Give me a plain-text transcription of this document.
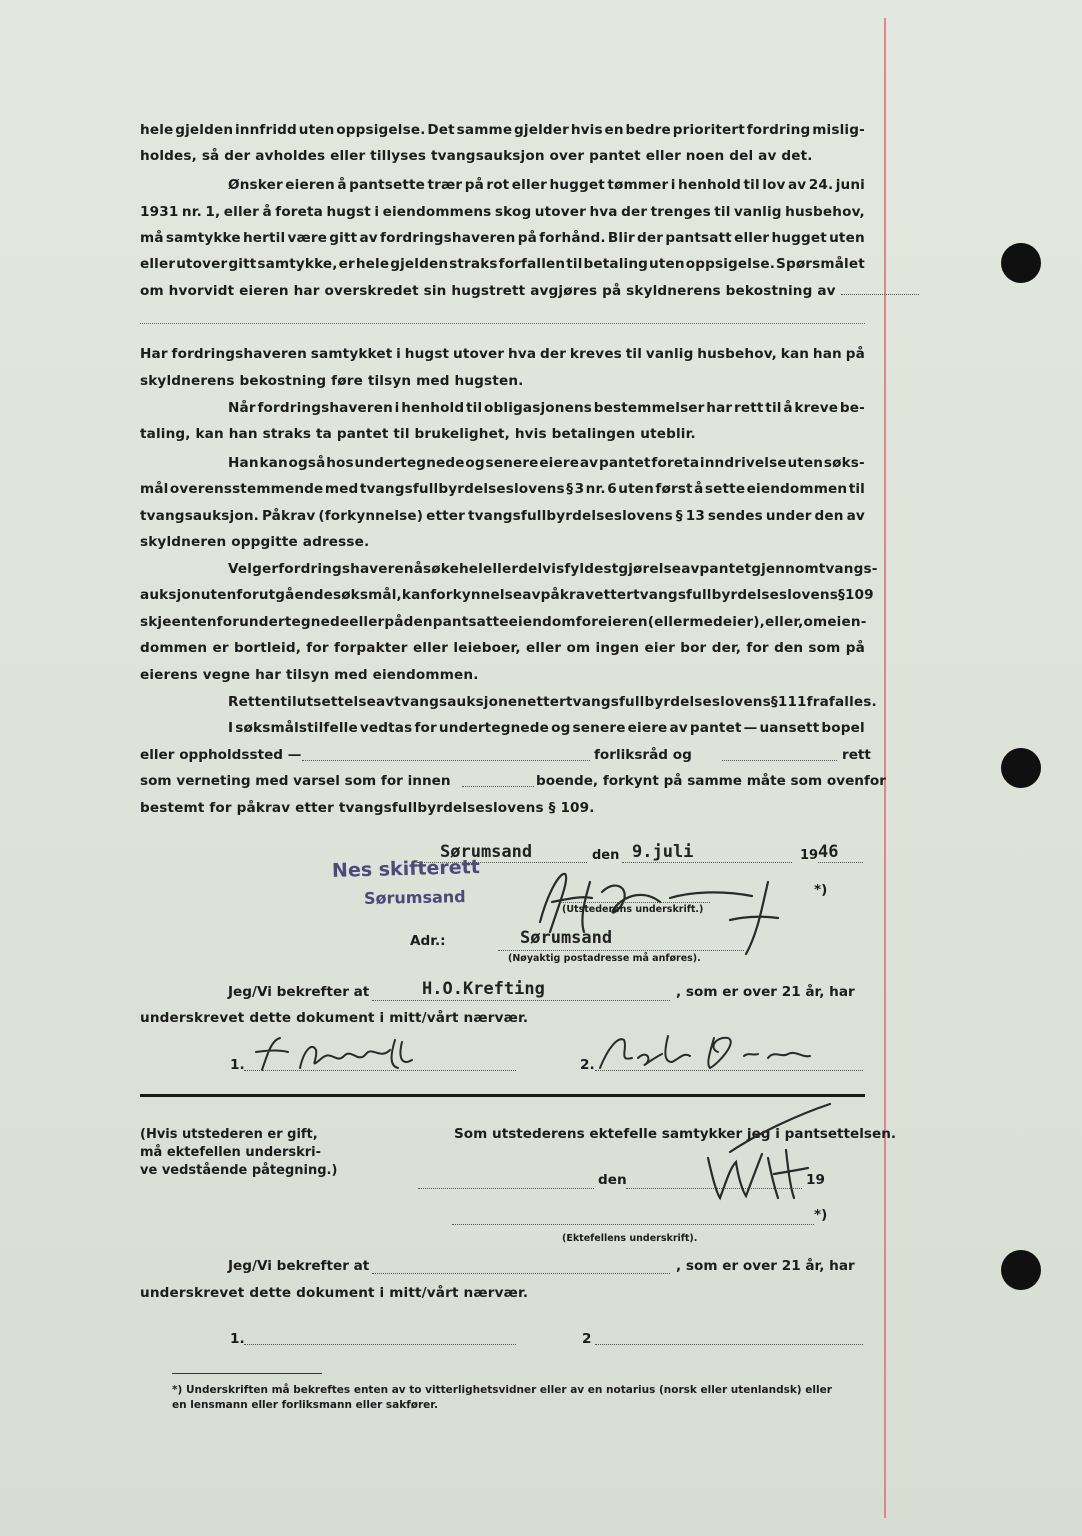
hele gjelden innfridd uten oppsigelse. Det samme gjelder hvis en bedre prioritert fordring mislig-
holdes, så der avholdes eller tillyses tvangsauksjon over pantet eller noen del av det.
Ønsker eieren å pantsette trær på rot eller hugget tømmer i henhold til lov av 24. juni
1931 nr. 1, eller å foreta hugst i eiendommens skog utover hva der trenges til vanlig husbehov,
må samtykke hertil være gitt av fordringshaveren på forhånd. Blir der pantsatt eller hugget uten
eller utover gitt samtykke, er hele gjelden straks forfallen til betaling uten oppsigelse. Spørsmålet
om hvorvidt eieren har overskredet sin hugstrett avgjøres på skyldnerens bekostning av
Har fordringshaveren samtykket i hugst utover hva der kreves til vanlig husbehov, kan han på
skyldnerens bekostning føre tilsyn med hugsten.
Når fordringshaveren i henhold til obligasjonens bestemmelser har rett til å kreve be-
taling, kan han straks ta pantet til brukelighet, hvis betalingen uteblir.
Han kan også hos undertegnede og senere eiere av pantet foreta inndrivelse uten søks-
mål overensstemmende med tvangsfullbyrdelseslovens § 3 nr. 6 uten først å sette eiendommen til
tvangsauksjon. Påkrav (forkynnelse) etter tvangsfullbyrdelseslovens § 13 sendes under den av
skyldneren oppgitte adresse.
Velger fordringshaveren å søke hel eller delvis fyldestgjørelse av pantet gjennom tvangs-
auksjon uten forutgående søksmål, kan forkynnelse av påkrav etter tvangsfullbyrdelseslovens § 109
skje enten for undertegnede eller på den pantsatte eiendom for eieren (eller medeier), eller, om eien-
dommen er bortleid, for forpakter eller leieboer, eller om ingen eier bor der, for den som på
eierens vegne har tilsyn med eiendommen.
Retten til utsettelse av tvangsauksjonen etter tvangsfullbyrdelseslovens § 111 frafalles.
I søksmålstilfelle vedtas for undertegnede og senere eiere av pantet — uansett bopel
eller oppholdssted —	forliksråd og	rett
som verneting med varsel som for innen	boende, forkynt på samme måte som ovenfor
bestemt for påkrav etter tvangsfullbyrdelseslovens § 109.
Sørumsand	den 9.juli	19 46
Nes skifterett
Sørumsand
(Utstederens underskrift.)
*)
Adr.:	Sørumsand
(Nøyaktig postadresse må anføres).
Jeg/Vi bekrefter at	H.O.Krefting	, som er over 21 år, har
underskrevet dette dokument i mitt/vårt nærvær.
1.	2.
(Hvis utstederen er gift,
må ektefellen underskri-
ve vedstående påtegning.)
Som utstederens ektefelle samtykker jeg i pantsettelsen.
den	19
*)
(Ektefellens underskrift).
Jeg/Vi bekrefter at	, som er over 21 år, har
underskrevet dette dokument i mitt/vårt nærvær.
1.	2
*) Underskriften må bekreftes enten av to vitterlighetsvidner eller av en notarius (norsk eller utenlandsk) eller
en lensmann eller forliksmann eller sakfører.
